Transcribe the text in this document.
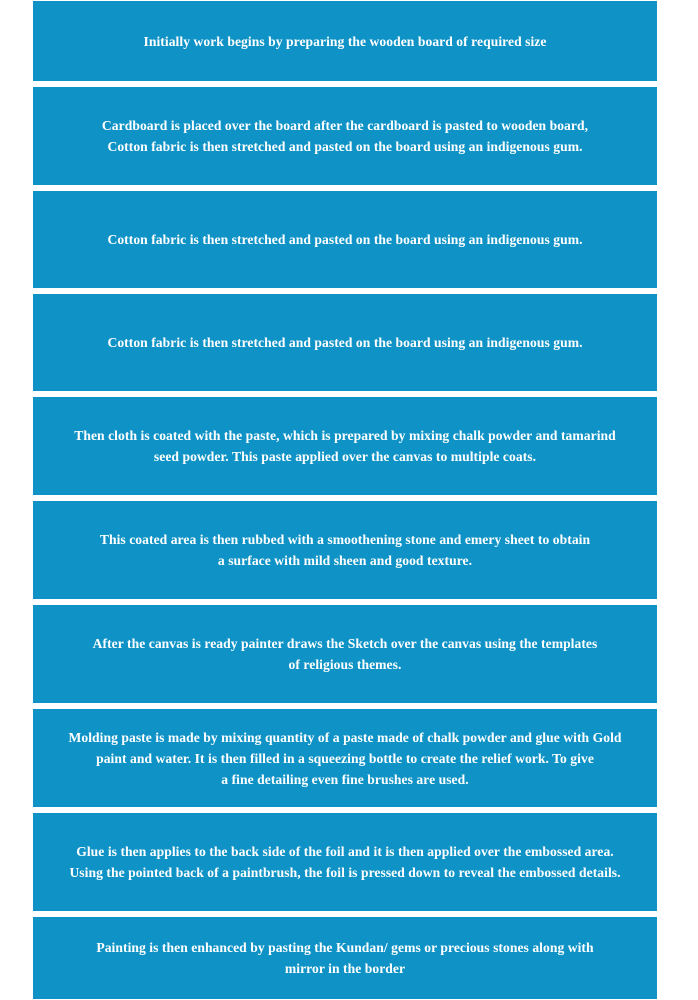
Initially work begins by preparing the wooden board of required size
Cardboard is placed over the board after the cardboard is pasted to wooden board,
Cotton fabric is then stretched and pasted on the board using an indigenous gum.
Cotton fabric is then stretched and pasted on the board using an indigenous gum.
Cotton fabric is then stretched and pasted on the board using an indigenous gum.
Then cloth is coated with the paste, which is prepared by mixing chalk powder and tamarind
seed powder. This paste applied over the canvas to multiple coats.
This coated area is then rubbed with a smoothening stone and emery sheet to obtain
a surface with mild sheen and good texture.
After the canvas is ready painter draws the Sketch over the canvas using the templates
of religious themes.
Molding paste is made by mixing quantity of a paste made of chalk powder and glue with Gold
paint and water. It is then filled in a squeezing bottle to create the relief work. To give
a fine detailing even fine brushes are used.
Glue is then applies to the back side of the foil and it is then applied over the embossed area.
Using the pointed back of a paintbrush, the foil is pressed down to reveal the embossed details.
Painting is then enhanced by pasting the Kundan/ gems or precious stones along with
mirror in the border
